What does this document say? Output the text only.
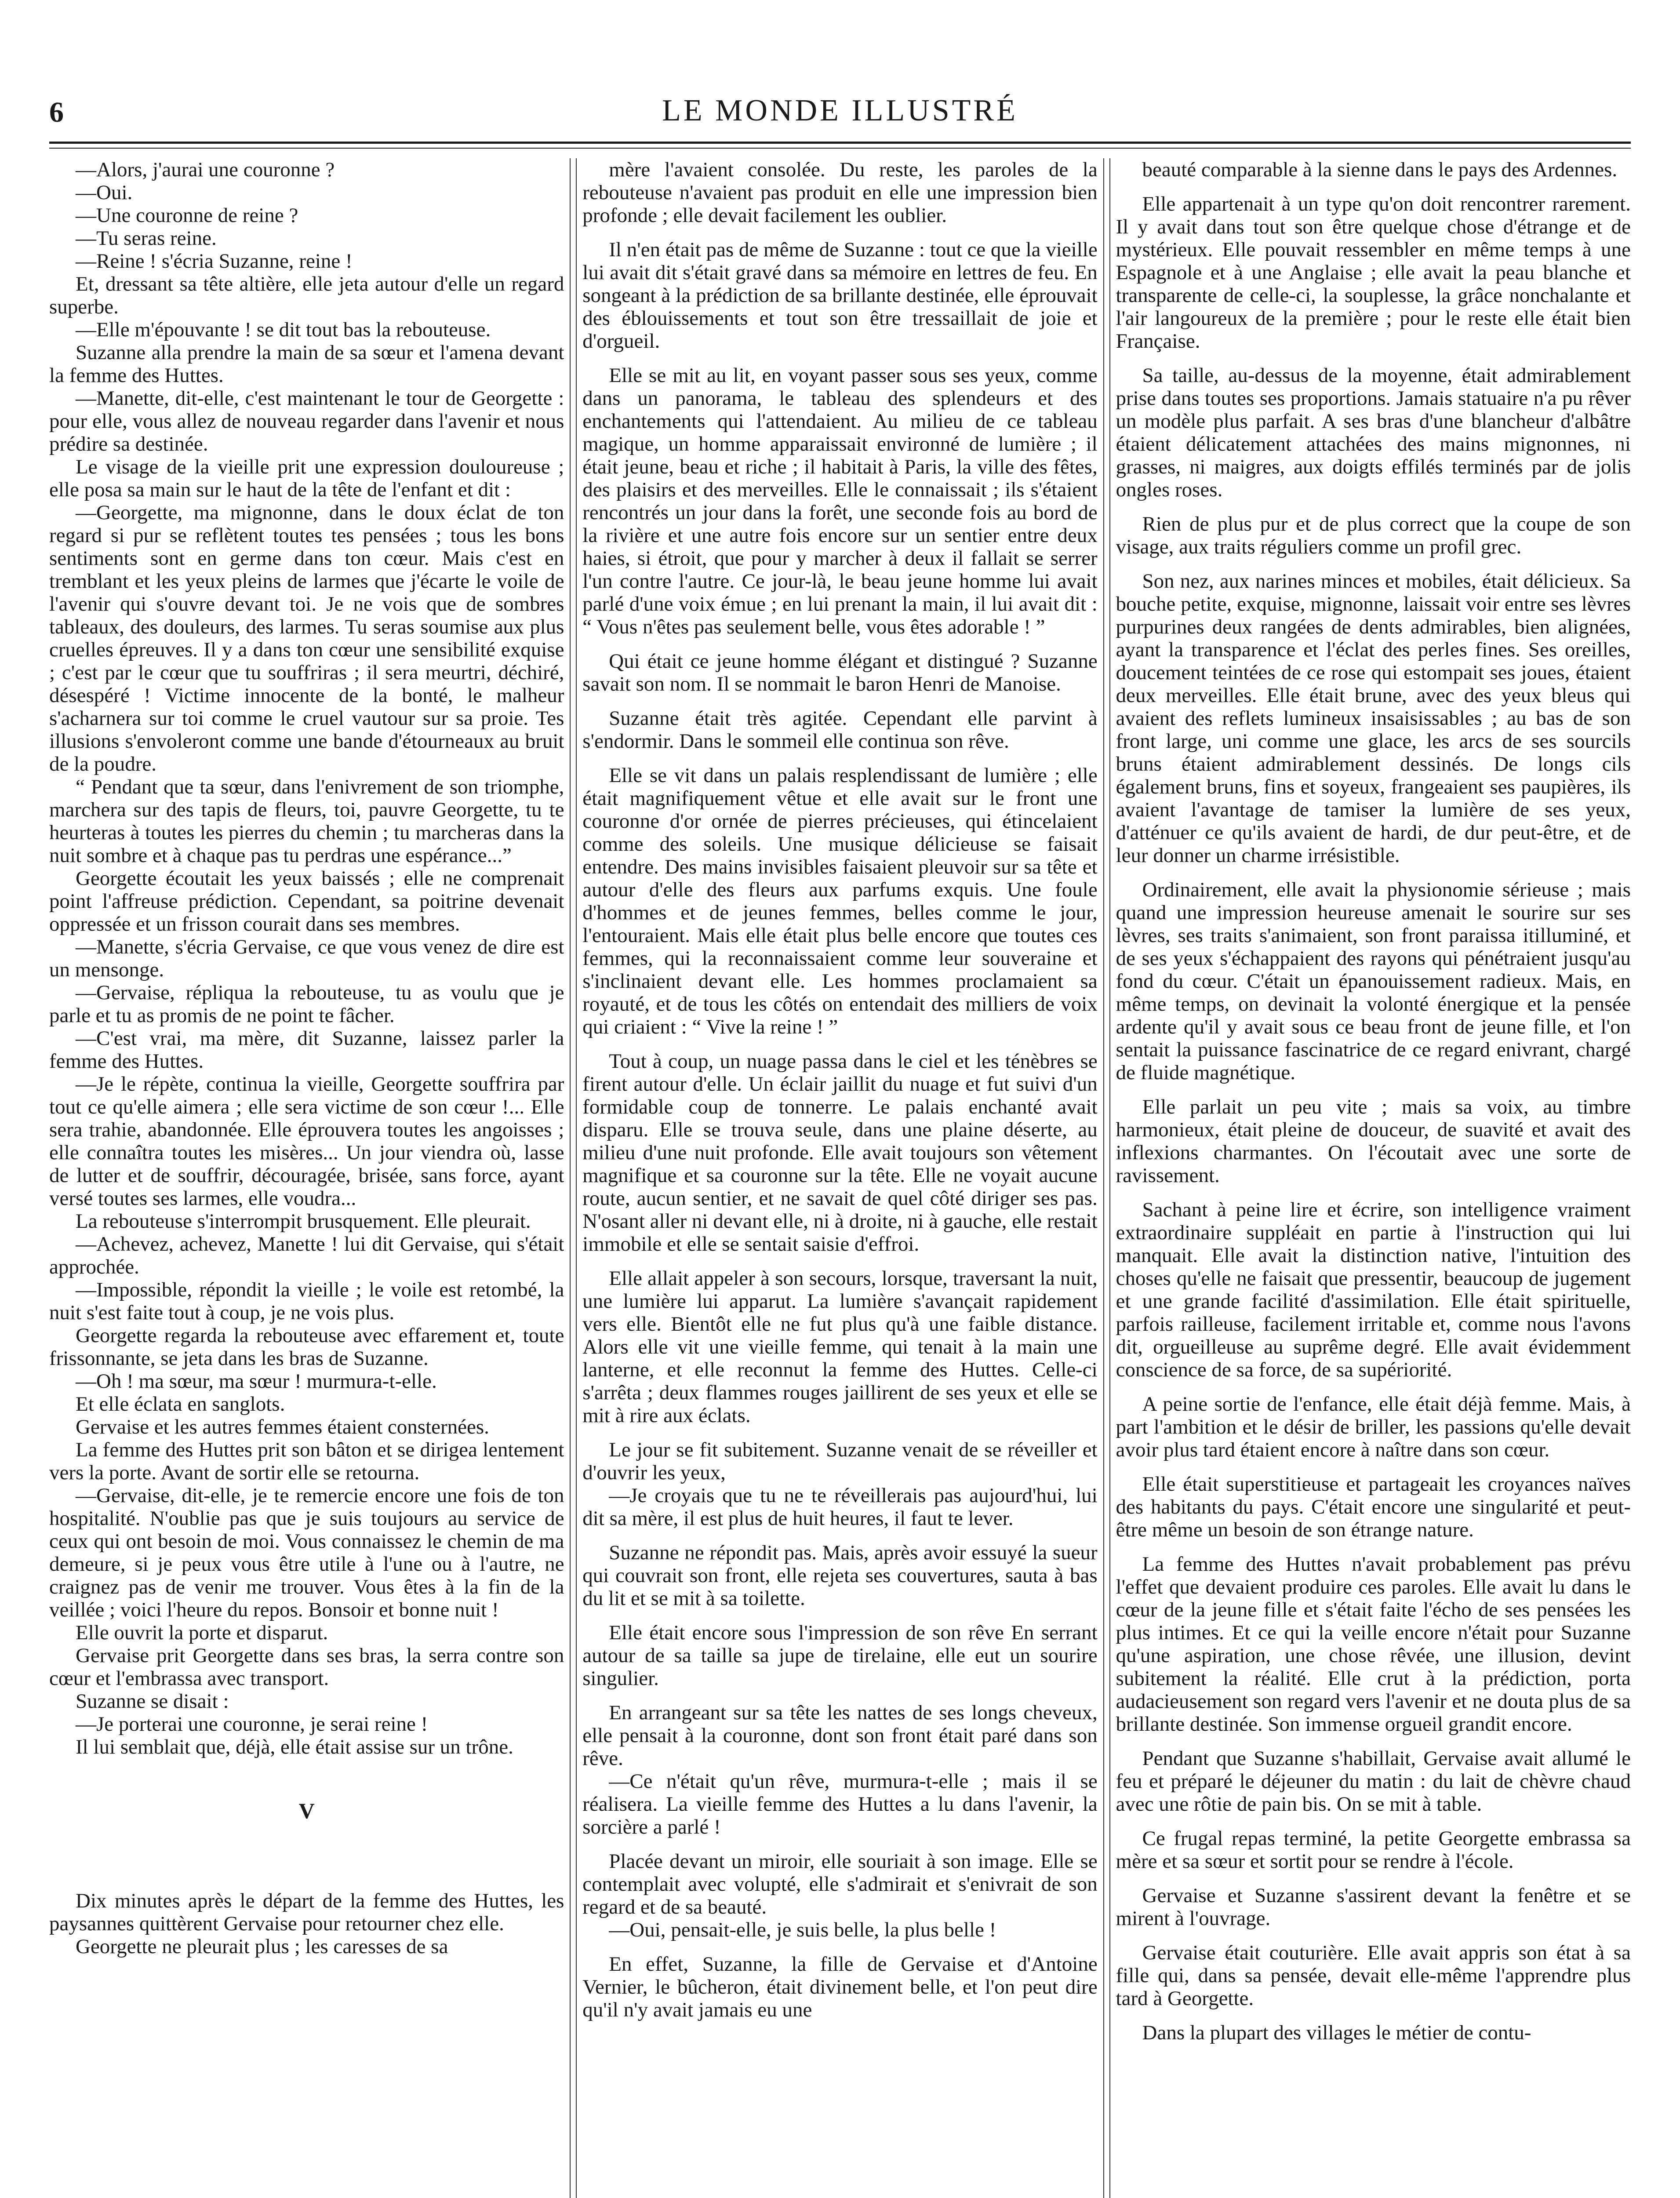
6	LE MONDE ILLUSTRÉ

—Alors, j'aurai une couronne ?

—Oui.

—Une couronne de reine ?

—Tu seras reine.

—Reine ! s'écria Suzanne, reine !

Et, dressant sa tête altière, elle jeta autour d'elle un regard superbe.

—Elle m'épouvante ! se dit tout bas la rebouteuse.

Suzanne alla prendre la main de sa sœur et l'amena devant la femme des Huttes.

—Manette, dit-elle, c'est maintenant le tour de Georgette : pour elle, vous allez de nouveau regarder dans l'avenir et nous prédire sa destinée.

Le visage de la vieille prit une expression douloureuse ; elle posa sa main sur le haut de la tête de l'enfant et dit :

—Georgette, ma mignonne, dans le doux éclat de ton regard si pur se reflètent toutes tes pensées ; tous les bons sentiments sont en germe dans ton cœur. Mais c'est en tremblant et les yeux pleins de larmes que j'écarte le voile de l'avenir qui s'ouvre devant toi. Je ne vois que de sombres tableaux, des douleurs, des larmes. Tu seras soumise aux plus cruelles épreuves. Il y a dans ton cœur une sensibilité exquise ; c'est par le cœur que tu souffriras ; il sera meurtri, déchiré, désespéré ! Victime innocente de la bonté, le malheur s'acharnera sur toi comme le cruel vautour sur sa proie. Tes illusions s'envoleront comme une bande d'étourneaux au bruit de la poudre.

“ Pendant que ta sœur, dans l'enivrement de son triomphe, marchera sur des tapis de fleurs, toi, pauvre Georgette, tu te heurteras à toutes les pierres du chemin ; tu marcheras dans la nuit sombre et à chaque pas tu perdras une espérance...”

Georgette écoutait les yeux baissés ; elle ne comprenait point l'affreuse prédiction. Cependant, sa poitrine devenait oppressée et un frisson courait dans ses membres.

—Manette, s'écria Gervaise, ce que vous venez de dire est un mensonge.

—Gervaise, répliqua la rebouteuse, tu as voulu que je parle et tu as promis de ne point te fâcher.

—C'est vrai, ma mère, dit Suzanne, laissez parler la femme des Huttes.

—Je le répète, continua la vieille, Georgette souffrira par tout ce qu'elle aimera ; elle sera victime de son cœur !... Elle sera trahie, abandonnée. Elle éprouvera toutes les angoisses ; elle connaîtra toutes les misères... Un jour viendra où, lasse de lutter et de souffrir, découragée, brisée, sans force, ayant versé toutes ses larmes, elle voudra...

La rebouteuse s'interrompit brusquement. Elle pleurait.

—Achevez, achevez, Manette ! lui dit Gervaise, qui s'était approchée.

—Impossible, répondit la vieille ; le voile est retombé, la nuit s'est faite tout à coup, je ne vois plus.

Georgette regarda la rebouteuse avec effarement et, toute frissonnante, se jeta dans les bras de Suzanne.

—Oh ! ma sœur, ma sœur ! murmura-t-elle.

Et elle éclata en sanglots.

Gervaise et les autres femmes étaient consternées.

La femme des Huttes prit son bâton et se dirigea lentement vers la porte. Avant de sortir elle se retourna.

—Gervaise, dit-elle, je te remercie encore une fois de ton hospitalité. N'oublie pas que je suis toujours au service de ceux qui ont besoin de moi. Vous connaissez le chemin de ma demeure, si je peux vous être utile à l'une ou à l'autre, ne craignez pas de venir me trouver. Vous êtes à la fin de la veillée ; voici l'heure du repos. Bonsoir et bonne nuit !

Elle ouvrit la porte et disparut.

Gervaise prit Georgette dans ses bras, la serra contre son cœur et l'embrassa avec transport.

Suzanne se disait :

—Je porterai une couronne, je serai reine !

Il lui semblait que, déjà, elle était assise sur un trône.

V

Dix minutes après le départ de la femme des Huttes, les paysannes quittèrent Gervaise pour retourner chez elle.

Georgette ne pleurait plus ; les caresses de sa

mère l'avaient consolée. Du reste, les paroles de la rebouteuse n'avaient pas produit en elle une impression bien profonde ; elle devait facilement les oublier.

Il n'en était pas de même de Suzanne : tout ce que la vieille lui avait dit s'était gravé dans sa mémoire en lettres de feu. En songeant à la prédiction de sa brillante destinée, elle éprouvait des éblouissements et tout son être tressaillait de joie et d'orgueil.

Elle se mit au lit, en voyant passer sous ses yeux, comme dans un panorama, le tableau des splendeurs et des enchantements qui l'attendaient. Au milieu de ce tableau magique, un homme apparaissait environné de lumière ; il était jeune, beau et riche ; il habitait à Paris, la ville des fêtes, des plaisirs et des merveilles. Elle le connaissait ; ils s'étaient rencontrés un jour dans la forêt, une seconde fois au bord de la rivière et une autre fois encore sur un sentier entre deux haies, si étroit, que pour y marcher à deux il fallait se serrer l'un contre l'autre. Ce jour-là, le beau jeune homme lui avait parlé d'une voix émue ; en lui prenant la main, il lui avait dit : “ Vous n'êtes pas seulement belle, vous êtes adorable ! ”

Qui était ce jeune homme élégant et distingué ? Suzanne savait son nom. Il se nommait le baron Henri de Manoise.

Suzanne était très agitée. Cependant elle parvint à s'endormir. Dans le sommeil elle continua son rêve.

Elle se vit dans un palais resplendissant de lumière ; elle était magnifiquement vêtue et elle avait sur le front une couronne d'or ornée de pierres précieuses, qui étincelaient comme des soleils. Une musique délicieuse se faisait entendre. Des mains invisibles faisaient pleuvoir sur sa tête et autour d'elle des fleurs aux parfums exquis. Une foule d'hommes et de jeunes femmes, belles comme le jour, l'entouraient. Mais elle était plus belle encore que toutes ces femmes, qui la reconnaissaient comme leur souveraine et s'inclinaient devant elle. Les hommes proclamaient sa royauté, et de tous les côtés on entendait des milliers de voix qui criaient : “ Vive la reine ! ”

Tout à coup, un nuage passa dans le ciel et les ténèbres se firent autour d'elle. Un éclair jaillit du nuage et fut suivi d'un formidable coup de tonnerre. Le palais enchanté avait disparu. Elle se trouva seule, dans une plaine déserte, au milieu d'une nuit profonde. Elle avait toujours son vêtement magnifique et sa couronne sur la tête. Elle ne voyait aucune route, aucun sentier, et ne savait de quel côté diriger ses pas. N'osant aller ni devant elle, ni à droite, ni à gauche, elle restait immobile et elle se sentait saisie d'effroi.

Elle allait appeler à son secours, lorsque, traversant la nuit, une lumière lui apparut. La lumière s'avançait rapidement vers elle. Bientôt elle ne fut plus qu'à une faible distance. Alors elle vit une vieille femme, qui tenait à la main une lanterne, et elle reconnut la femme des Huttes. Celle-ci s'arrêta ; deux flammes rouges jaillirent de ses yeux et elle se mit à rire aux éclats.

Le jour se fit subitement. Suzanne venait de se réveiller et d'ouvrir les yeux,

—Je croyais que tu ne te réveillerais pas aujourd'hui, lui dit sa mère, il est plus de huit heures, il faut te lever.

Suzanne ne répondit pas. Mais, après avoir essuyé la sueur qui couvrait son front, elle rejeta ses couvertures, sauta à bas du lit et se mit à sa toilette.

Elle était encore sous l'impression de son rêve En serrant autour de sa taille sa jupe de tirelaine, elle eut un sourire singulier.

En arrangeant sur sa tête les nattes de ses longs cheveux, elle pensait à la couronne, dont son front était paré dans son rêve.

—Ce n'était qu'un rêve, murmura-t-elle ; mais il se réalisera. La vieille femme des Huttes a lu dans l'avenir, la sorcière a parlé !

Placée devant un miroir, elle souriait à son image. Elle se contemplait avec volupté, elle s'admirait et s'enivrait de son regard et de sa beauté.

—Oui, pensait-elle, je suis belle, la plus belle !

En effet, Suzanne, la fille de Gervaise et d'Antoine Vernier, le bûcheron, était divinement belle, et l'on peut dire qu'il n'y avait jamais eu une

beauté comparable à la sienne dans le pays des Ardennes.

Elle appartenait à un type qu'on doit rencontrer rarement. Il y avait dans tout son être quelque chose d'étrange et de mystérieux. Elle pouvait ressembler en même temps à une Espagnole et à une Anglaise ; elle avait la peau blanche et transparente de celle-ci, la souplesse, la grâce nonchalante et l'air langoureux de la première ; pour le reste elle était bien Française.

Sa taille, au-dessus de la moyenne, était admirablement prise dans toutes ses proportions. Jamais statuaire n'a pu rêver un modèle plus parfait. A ses bras d'une blancheur d'albâtre étaient délicatement attachées des mains mignonnes, ni grasses, ni maigres, aux doigts effilés terminés par de jolis ongles roses.

Rien de plus pur et de plus correct que la coupe de son visage, aux traits réguliers comme un profil grec.

Son nez, aux narines minces et mobiles, était délicieux. Sa bouche petite, exquise, mignonne, laissait voir entre ses lèvres purpurines deux rangées de dents admirables, bien alignées, ayant la transparence et l'éclat des perles fines. Ses oreilles, doucement teintées de ce rose qui estompait ses joues, étaient deux merveilles. Elle était brune, avec des yeux bleus qui avaient des reflets lumineux insaisissables ; au bas de son front large, uni comme une glace, les arcs de ses sourcils bruns étaient admirablement dessinés. De longs cils également bruns, fins et soyeux, frangeaient ses paupières, ils avaient l'avantage de tamiser la lumière de ses yeux, d'atténuer ce qu'ils avaient de hardi, de dur peut-être, et de leur donner un charme irrésistible.

Ordinairement, elle avait la physionomie sérieuse ; mais quand une impression heureuse amenait le sourire sur ses lèvres, ses traits s'animaient, son front paraissa itilluminé, et de ses yeux s'échappaient des rayons qui pénétraient jusqu'au fond du cœur. C'était un épanouissement radieux. Mais, en même temps, on devinait la volonté énergique et la pensée ardente qu'il y avait sous ce beau front de jeune fille, et l'on sentait la puissance fascinatrice de ce regard enivrant, chargé de fluide magnétique.

Elle parlait un peu vite ; mais sa voix, au timbre harmonieux, était pleine de douceur, de suavité et avait des inflexions charmantes. On l'écoutait avec une sorte de ravissement.

Sachant à peine lire et écrire, son intelligence vraiment extraordinaire suppléait en partie à l'instruction qui lui manquait. Elle avait la distinction native, l'intuition des choses qu'elle ne faisait que pressentir, beaucoup de jugement et une grande facilité d'assimilation. Elle était spirituelle, parfois railleuse, facilement irritable et, comme nous l'avons dit, orgueilleuse au suprême degré. Elle avait évidemment conscience de sa force, de sa supériorité.

A peine sortie de l'enfance, elle était déjà femme. Mais, à part l'ambition et le désir de briller, les passions qu'elle devait avoir plus tard étaient encore à naître dans son cœur.

Elle était superstitieuse et partageait les croyances naïves des habitants du pays. C'était encore une singularité et peut-être même un besoin de son étrange nature.

La femme des Huttes n'avait probablement pas prévu l'effet que devaient produire ces paroles. Elle avait lu dans le cœur de la jeune fille et s'était faite l'écho de ses pensées les plus intimes. Et ce qui la veille encore n'était pour Suzanne qu'une aspiration, une chose rêvée, une illusion, devint subitement la réalité. Elle crut à la prédiction, porta audacieusement son regard vers l'avenir et ne douta plus de sa brillante destinée. Son immense orgueil grandit encore.

Pendant que Suzanne s'habillait, Gervaise avait allumé le feu et préparé le déjeuner du matin : du lait de chèvre chaud avec une rôtie de pain bis. On se mit à table.

Ce frugal repas terminé, la petite Georgette embrassa sa mère et sa sœur et sortit pour se rendre à l'école.

Gervaise et Suzanne s'assirent devant la fenêtre et se mirent à l'ouvrage.

Gervaise était couturière. Elle avait appris son état à sa fille qui, dans sa pensée, devait elle-même l'apprendre plus tard à Georgette.

Dans la plupart des villages le métier de contu-
